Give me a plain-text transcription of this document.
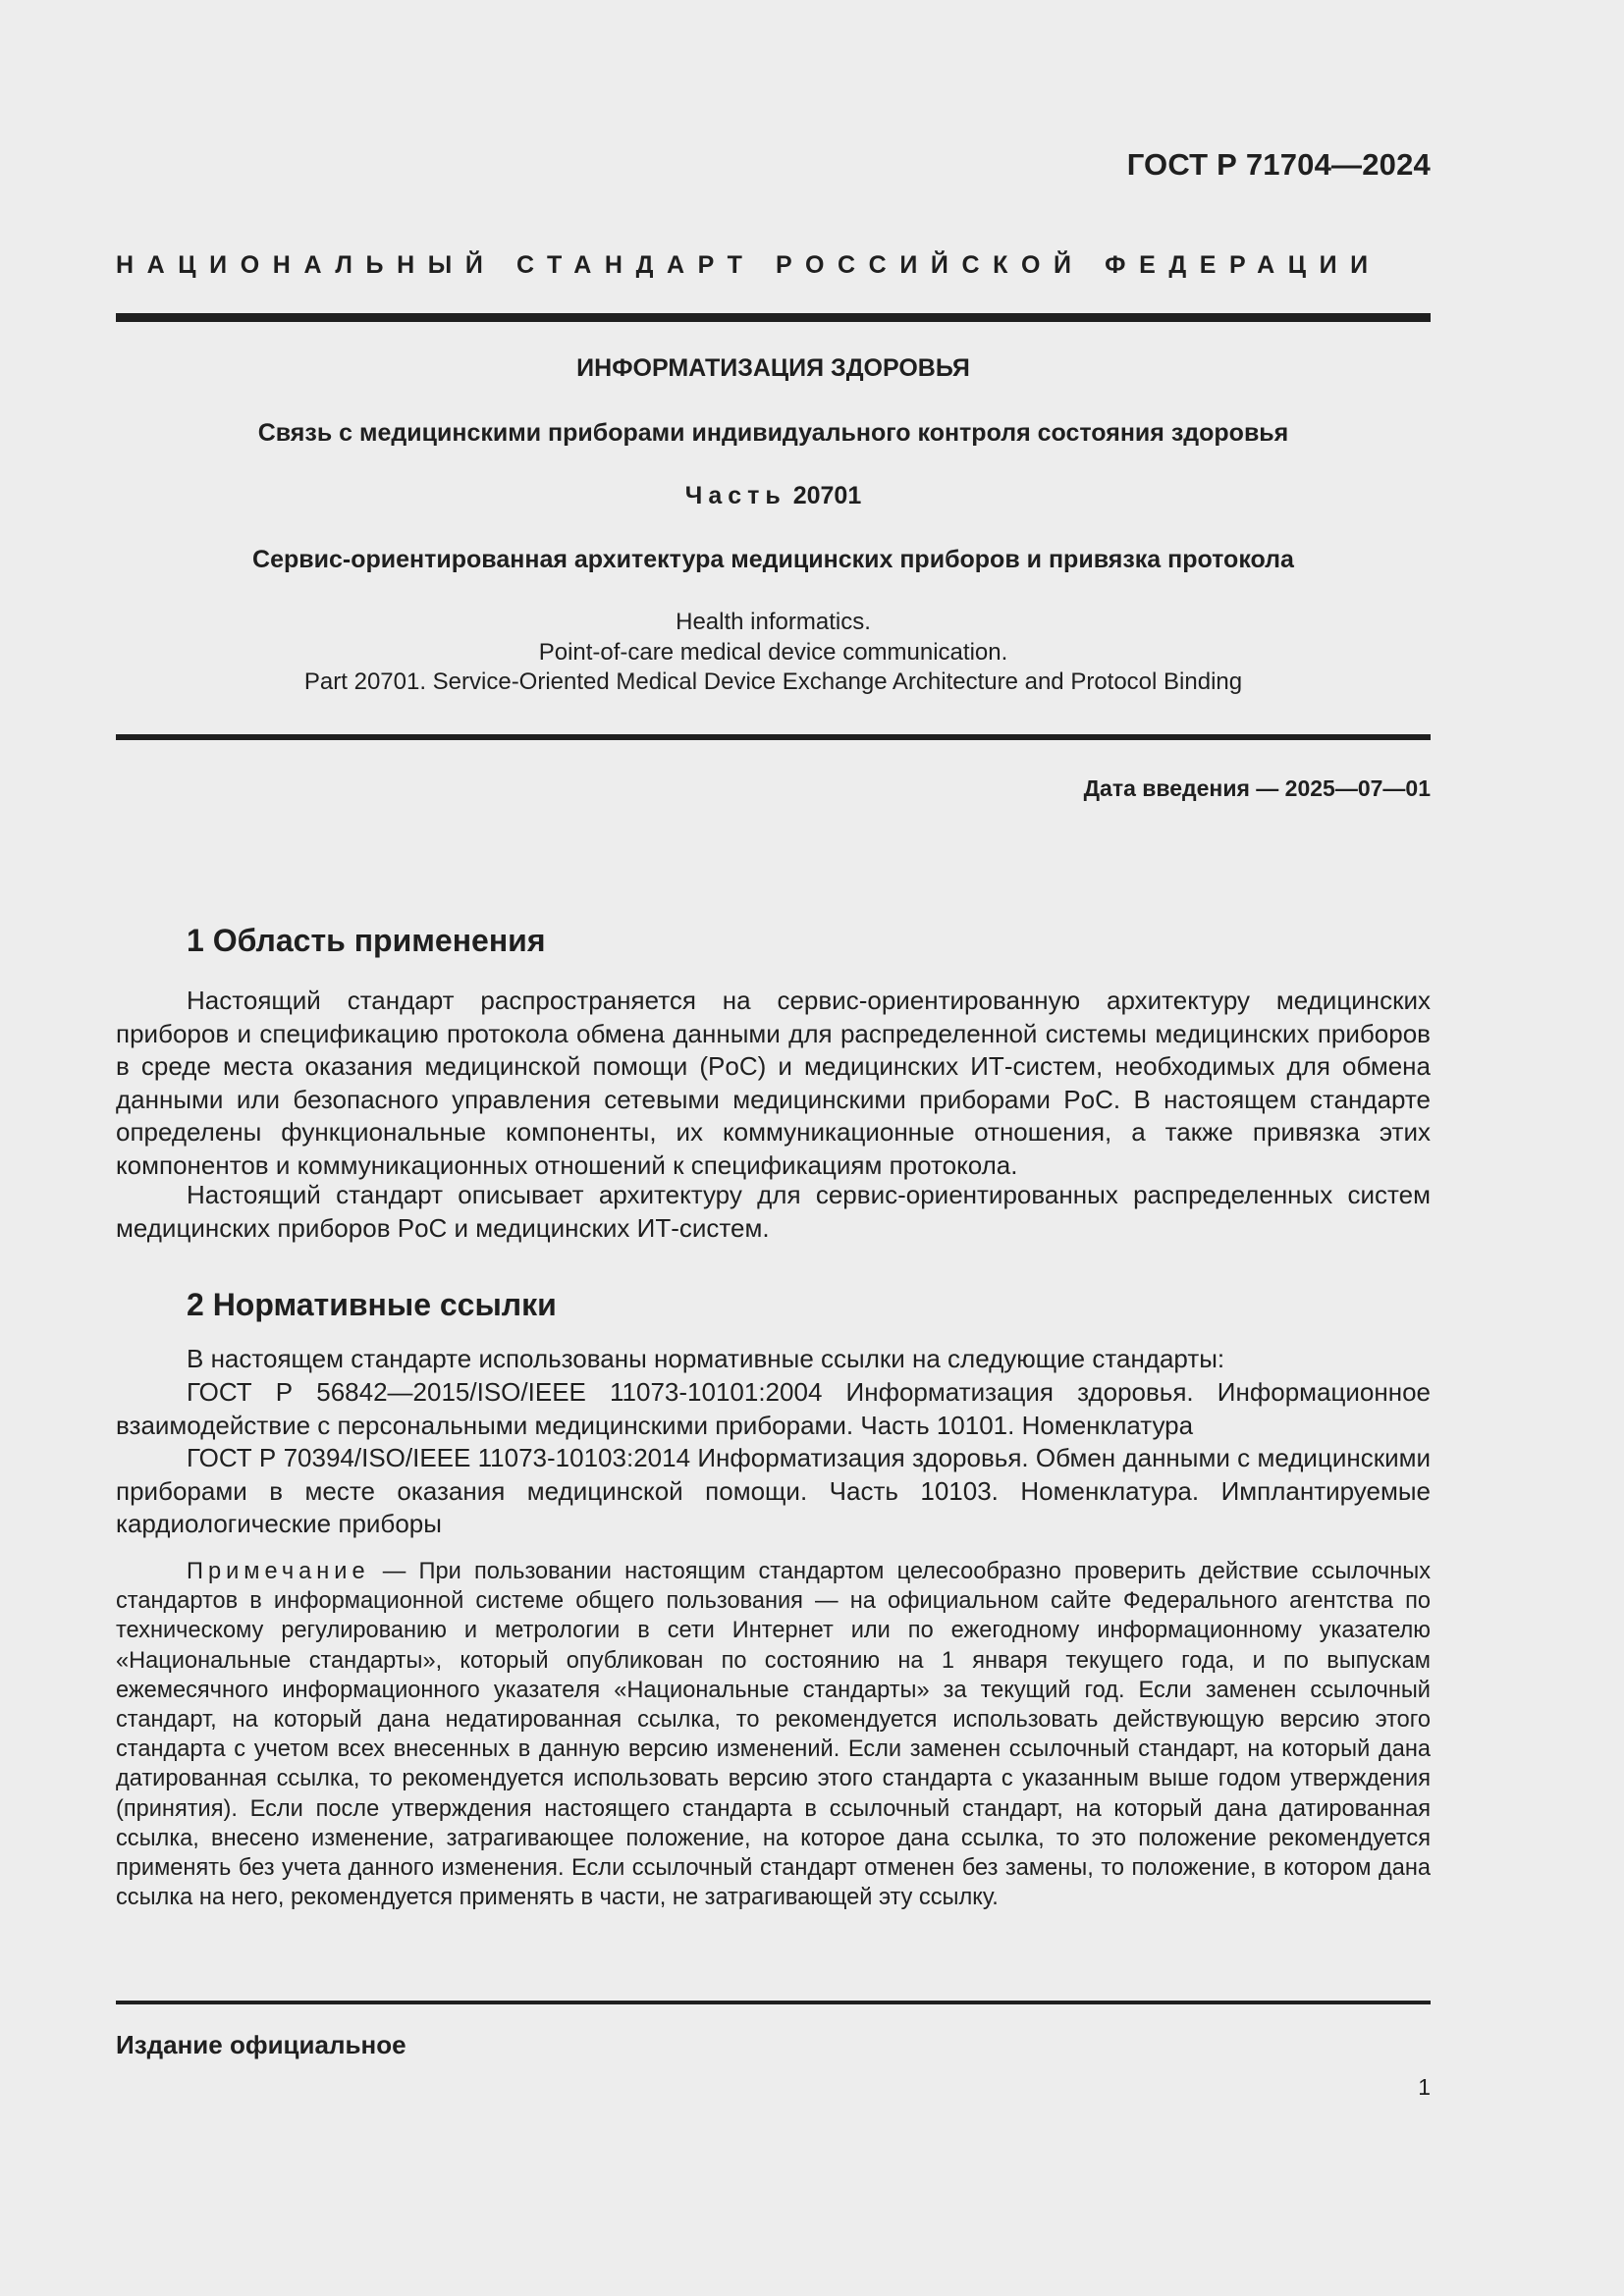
ГОСТ Р 71704—2024
НАЦИОНАЛЬНЫЙ СТАНДАРТ РОССИЙСКОЙ ФЕДЕРАЦИИ
ИНФОРМАТИЗАЦИЯ ЗДОРОВЬЯ
Связь с медицинскими приборами индивидуального контроля состояния здоровья
Часть 20701
Сервис-ориентированная архитектура медицинских приборов и привязка протокола
Health informatics.
Point-of-care medical device communication.
Part 20701. Service-Oriented Medical Device Exchange Architecture and Protocol Binding
Дата введения — 2025—07—01
1 Область применения
Настоящий стандарт распространяется на сервис-ориентированную архитектуру медицинских приборов и спецификацию протокола обмена данными для распределенной системы медицинских приборов в среде места оказания медицинской помощи (PoC) и медицинских ИТ-систем, необходимых для обмена данными или безопасного управления сетевыми медицинскими приборами PoC. В настоящем стандарте определены функциональные компоненты, их коммуникационные отношения, а также привязка этих компонентов и коммуникационных отношений к спецификациям протокола.
Настоящий стандарт описывает архитектуру для сервис-ориентированных распределенных систем медицинских приборов PoC и медицинских ИТ-систем.
2 Нормативные ссылки
В настоящем стандарте использованы нормативные ссылки на следующие стандарты:
ГОСТ Р 56842—2015/ISO/IEEE 11073-10101:2004 Информатизация здоровья. Информационное взаимодействие с персональными медицинскими приборами. Часть 10101. Номенклатура
ГОСТ Р 70394/ISO/IEEE 11073-10103:2014 Информатизация здоровья. Обмен данными с медицинскими приборами в месте оказания медицинской помощи. Часть 10103. Номенклатура. Имплантируемые кардиологические приборы
Примечание — При пользовании настоящим стандартом целесообразно проверить действие ссылочных стандартов в информационной системе общего пользования — на официальном сайте Федерального агентства по техническому регулированию и метрологии в сети Интернет или по ежегодному информационному указателю «Национальные стандарты», который опубликован по состоянию на 1 января текущего года, и по выпускам ежемесячного информационного указателя «Национальные стандарты» за текущий год. Если заменен ссылочный стандарт, на который дана недатированная ссылка, то рекомендуется использовать действующую версию этого стандарта с учетом всех внесенных в данную версию изменений. Если заменен ссылочный стандарт, на который дана датированная ссылка, то рекомендуется использовать версию этого стандарта с указанным выше годом утверждения (принятия). Если после утверждения настоящего стандарта в ссылочный стандарт, на который дана датированная ссылка, внесено изменение, затрагивающее положение, на которое дана ссылка, то это положение рекомендуется применять без учета данного изменения. Если ссылочный стандарт отменен без замены, то положение, в котором дана ссылка на него, рекомендуется применять в части, не затрагивающей эту ссылку.
Издание официальное
1
